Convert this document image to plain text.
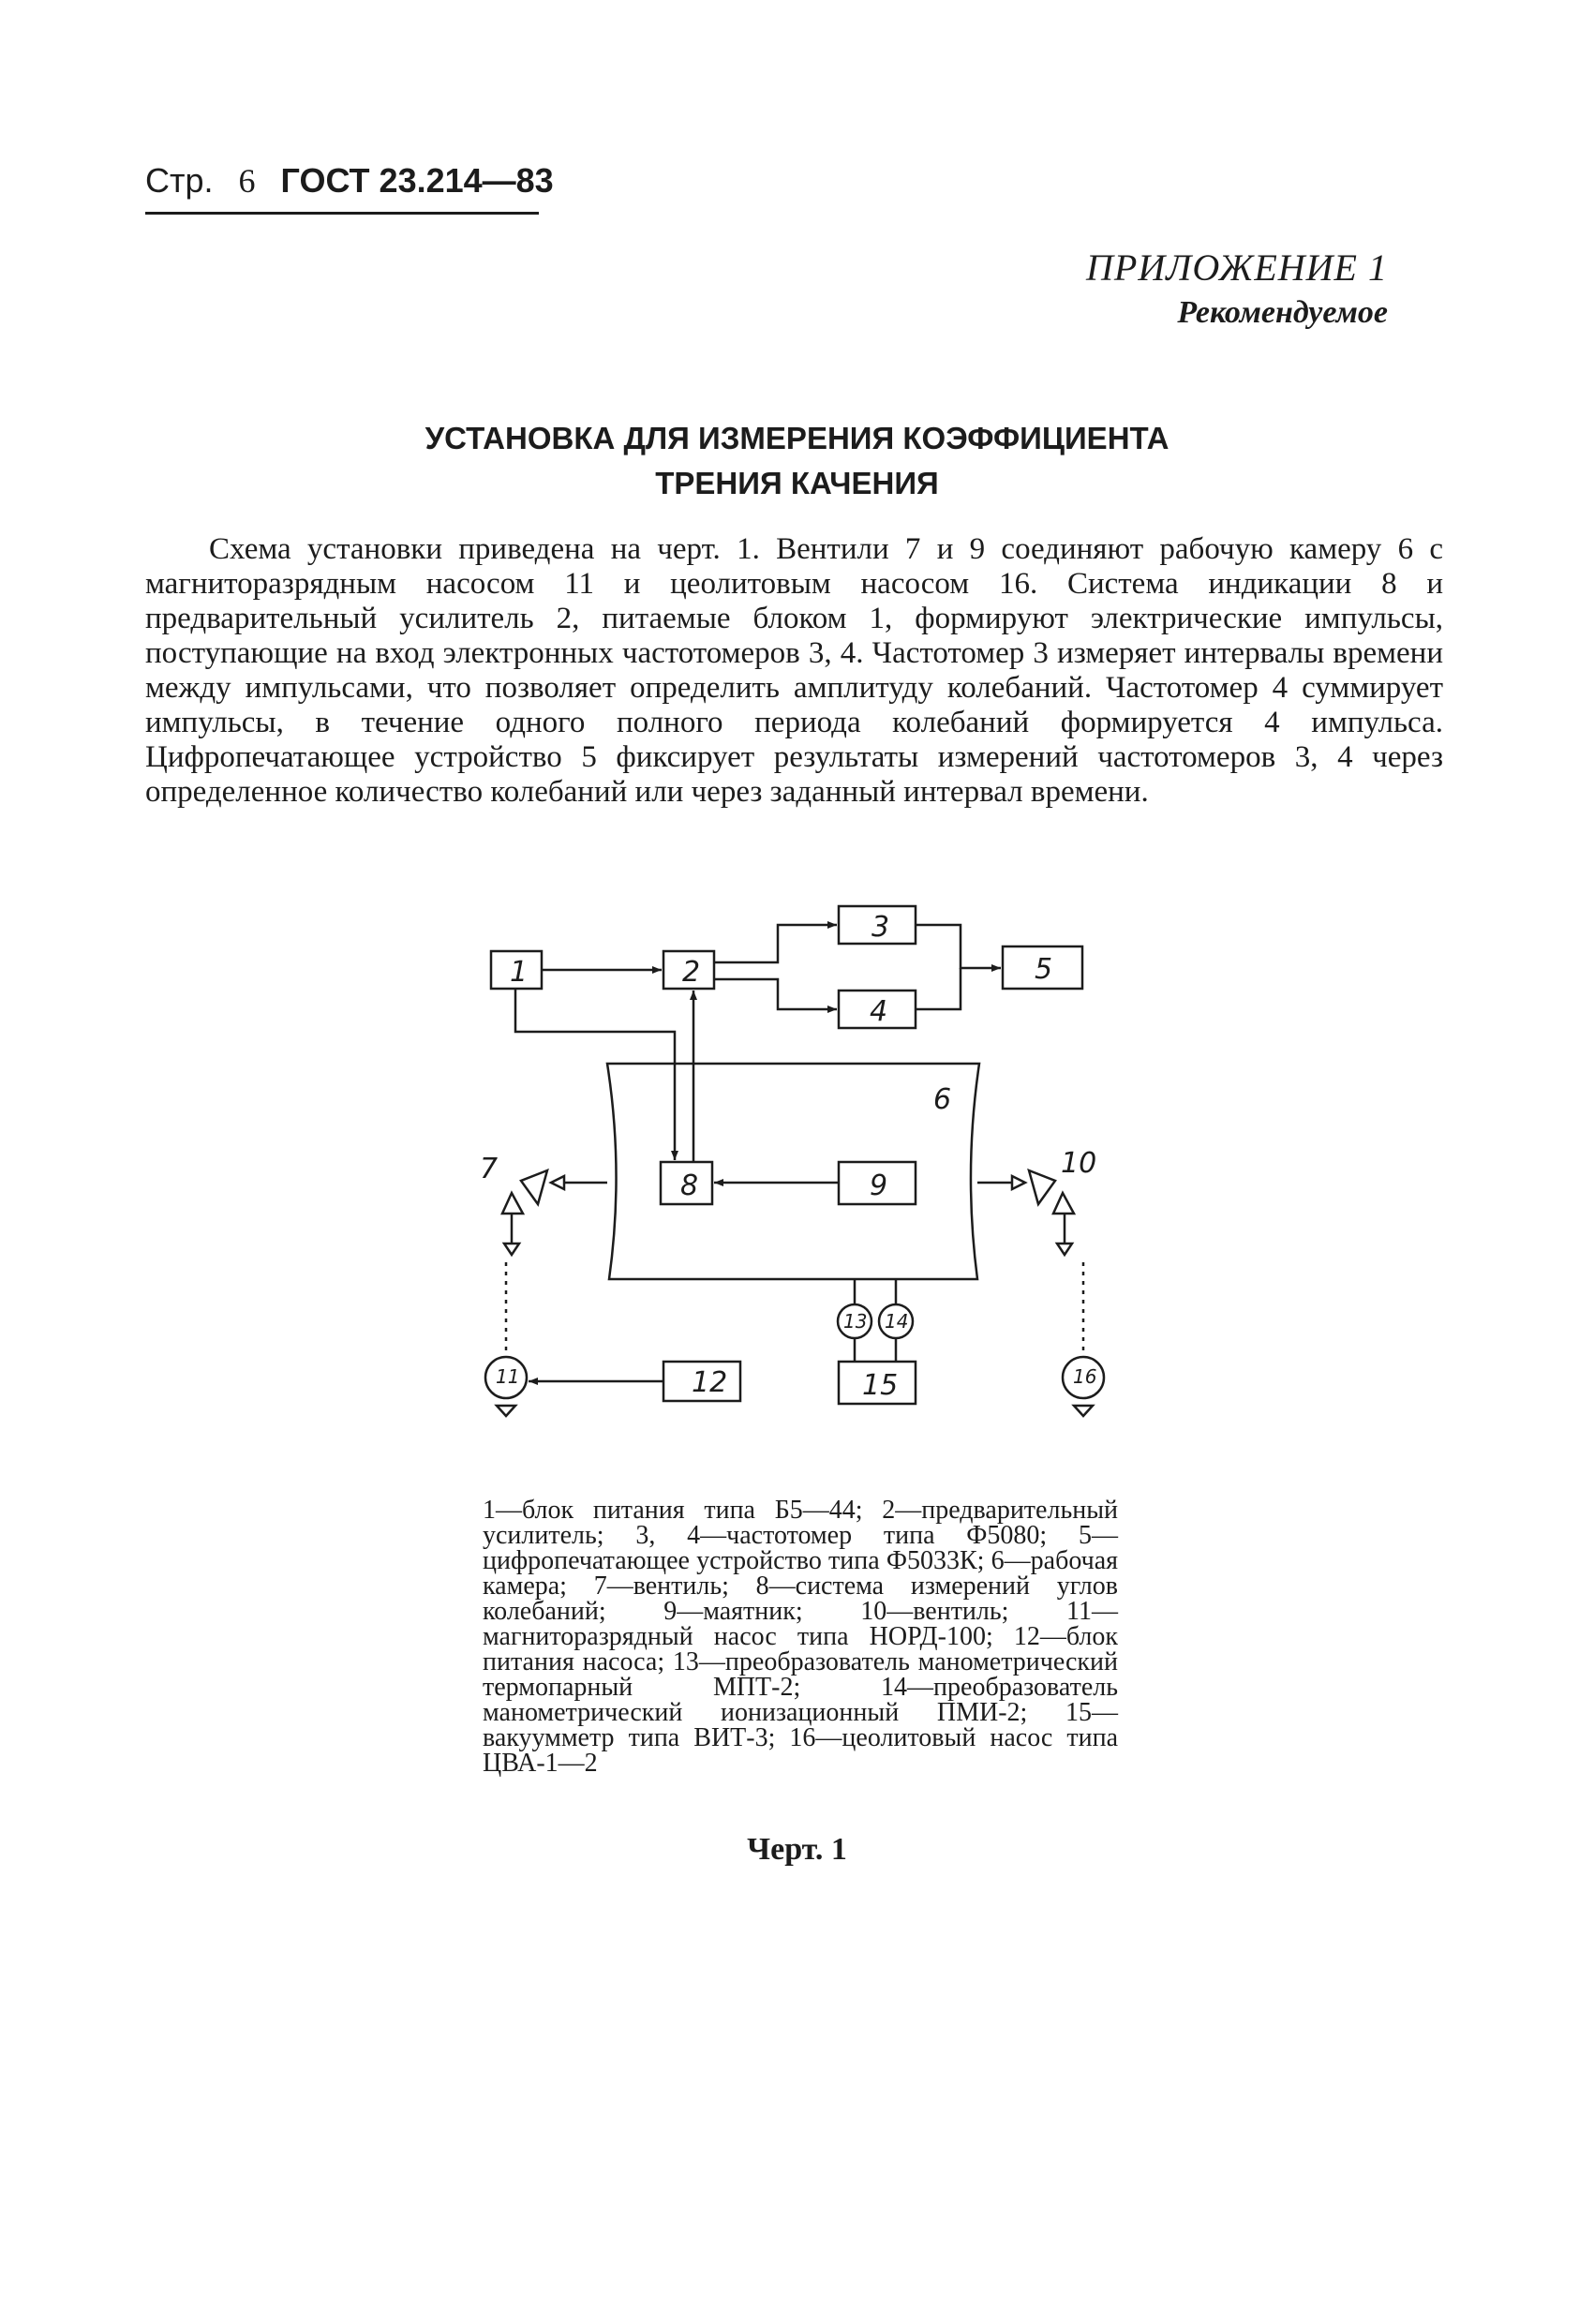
Стр. 6 ГОСТ 23.214—83
ПРИЛОЖЕНИЕ 1
Рекомендуемое
УСТАНОВКА ДЛЯ ИЗМЕРЕНИЯ КОЭФФИЦИЕНТА
ТРЕНИЯ КАЧЕНИЯ

Схема установки приведена на черт. 1. Вентили 7 и 9 соединяют рабочую камеру 6 с магниторазрядным насосом 11 и цеолитовым насосом 16. Система индикации 8 и предварительный усилитель 2, питаемые блоком 1, формируют электрические импульсы, поступающие на вход электронных частотомеров 3, 4. Частотомер 3 измеряет интервалы времени между импульсами, что позволяет определить амплитуду колебаний. Частотомер 4 суммирует импульсы, в течение одного полного периода колебаний формируется 4 импульса. Цифропечатающее устройство 5 фиксирует результаты измерений частотомеров 3, 4 через определенное количество колебаний или через заданный интервал времени.

1	2
3
4
5
6
7
8	9
10
12	15
11
13 14
16
1—блок питания типа Б5—44; 2—предварительный усилитель; 3, 4—частотомер типа Ф5080; 5—цифропечатающее устройство типа Ф5033К; 6—рабочая камера; 7—вентиль; 8—система измерений углов колебаний; 9—маятник; 10—вентиль; 11—магниторазрядный насос типа НОРД-100; 12—блок питания насоса; 13—преобразователь манометрический термопарный МПТ-2; 14—преобразователь манометрический ионизационный ПМИ-2; 15—вакуумметр типа ВИТ-3; 16—цеолитовый насос типа ЦВА-1—2
Черт. 1
